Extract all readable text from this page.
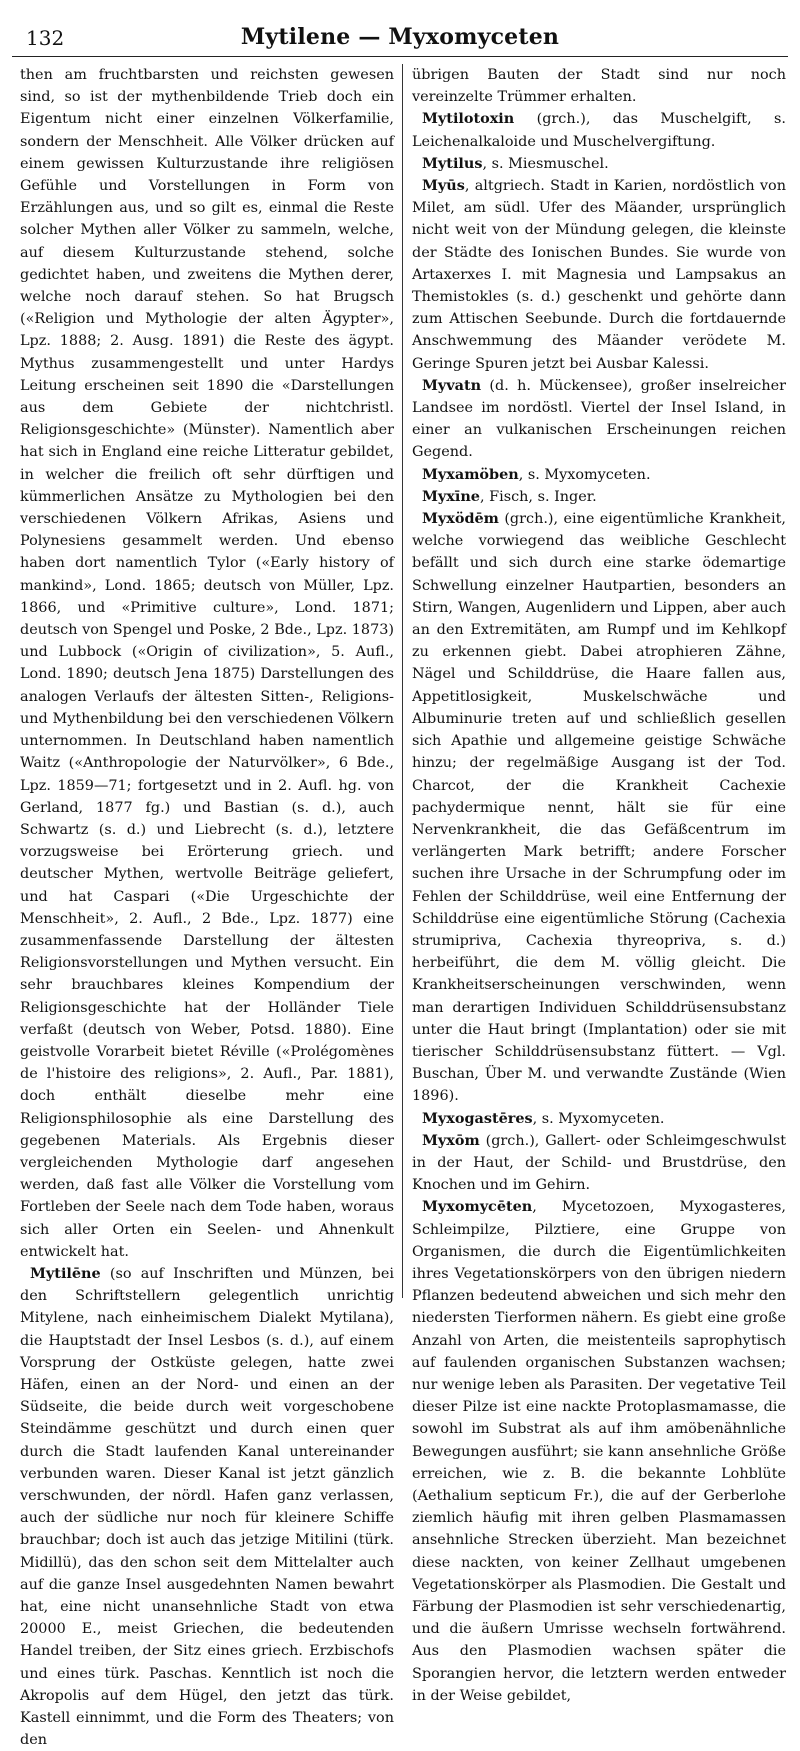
132	Mytilene — Myxomyceten

then am fruchtbarsten und reichsten gewesen sind, so ist der mythenbildende Trieb doch ein Eigentum nicht einer einzelnen Völkerfamilie, sondern der Menschheit. Alle Völker drücken auf einem gewissen Kulturzustande ihre religiösen Gefühle und Vorstellungen in Form von Erzählungen aus, und so gilt es, einmal die Reste solcher Mythen aller Völker zu sammeln, welche, auf diesem Kulturzustande stehend, solche gedichtet haben, und zweitens die Mythen derer, welche noch darauf stehen. So hat Brugsch («Religion und Mythologie der alten Ägypter», Lpz. 1888; 2. Ausg. 1891) die Reste des ägypt. Mythus zusammengestellt und unter Hardys Leitung erscheinen seit 1890 die «Darstellungen aus dem Gebiete der nichtchristl. Religionsgeschichte» (Münster). Namentlich aber hat sich in England eine reiche Litteratur gebildet, in welcher die freilich oft sehr dürftigen und kümmerlichen Ansätze zu Mythologien bei den verschiedenen Völkern Afrikas, Asiens und Polynesiens gesammelt werden. Und ebenso haben dort namentlich Tylor («Early history of mankind», Lond. 1865; deutsch von Müller, Lpz. 1866, und «Primitive culture», Lond. 1871; deutsch von Spengel und Poske, 2 Bde., Lpz. 1873) und Lubbock («Origin of civilization», 5. Aufl., Lond. 1890; deutsch Jena 1875) Darstellungen des analogen Verlaufs der ältesten Sitten-, Religions- und Mythenbildung bei den verschiedenen Völkern unternommen. In Deutschland haben namentlich Waitz («Anthropologie der Naturvölker», 6 Bde., Lpz. 1859—71; fortgesetzt und in 2. Aufl. hg. von Gerland, 1877 fg.) und Bastian (s. d.), auch Schwartz (s. d.) und Liebrecht (s. d.), letztere vorzugsweise bei Erörterung griech. und deutscher Mythen, wertvolle Beiträge geliefert, und hat Caspari («Die Urgeschichte der Menschheit», 2. Aufl., 2 Bde., Lpz. 1877) eine zusammenfassende Darstellung der ältesten Religionsvorstellungen und Mythen versucht. Ein sehr brauchbares kleines Kompendium der Religionsgeschichte hat der Holländer Tiele verfaßt (deutsch von Weber, Potsd. 1880). Eine geistvolle Vorarbeit bietet Réville («Prolégomènes de l'histoire des religions», 2. Aufl., Par. 1881), doch enthält dieselbe mehr eine Religionsphilosophie als eine Darstellung des gegebenen Materials. Als Ergebnis dieser vergleichenden Mythologie darf angesehen werden, daß fast alle Völker die Vorstellung vom Fortleben der Seele nach dem Tode haben, woraus sich aller Orten ein Seelen- und Ahnenkult entwickelt hat.

Mytilēne (so auf Inschriften und Münzen, bei den Schriftstellern gelegentlich unrichtig Mitylene, nach einheimischem Dialekt Mytilana), die Hauptstadt der Insel Lesbos (s. d.), auf einem Vorsprung der Ostküste gelegen, hatte zwei Häfen, einen an der Nord- und einen an der Südseite, die beide durch weit vorgeschobene Steindämme geschützt und durch einen quer durch die Stadt laufenden Kanal untereinander verbunden waren. Dieser Kanal ist jetzt gänzlich verschwunden, der nördl. Hafen ganz verlassen, auch der südliche nur noch für kleinere Schiffe brauchbar; doch ist auch das jetzige Mitilini (türk. Midillü), das den schon seit dem Mittelalter auch auf die ganze Insel ausgedehnten Namen bewahrt hat, eine nicht unansehnliche Stadt von etwa 20000 E., meist Griechen, die bedeutenden Handel treiben, der Sitz eines griech. Erzbischofs und eines türk. Paschas. Kenntlich ist noch die Akropolis auf dem Hügel, den jetzt das türk. Kastell einnimmt, und die Form des Theaters; von den

übrigen Bauten der Stadt sind nur noch vereinzelte Trümmer erhalten.

Mytilotoxin (grch.), das Muschelgift, s. Leichenalkaloide und Muschelvergiftung.

Mytilus, s. Miesmuschel.

Myūs, altgriech. Stadt in Karien, nordöstlich von Milet, am südl. Ufer des Mäander, ursprünglich nicht weit von der Mündung gelegen, die kleinste der Städte des Ionischen Bundes. Sie wurde von Artaxerxes I. mit Magnesia und Lampsakus an Themistokles (s. d.) geschenkt und gehörte dann zum Attischen Seebunde. Durch die fortdauernde Anschwemmung des Mäander verödete M. Geringe Spuren jetzt bei Ausbar Kalessi.

Myvatn (d. h. Mückensee), großer inselreicher Landsee im nordöstl. Viertel der Insel Island, in einer an vulkanischen Erscheinungen reichen Gegend.

Myxamöben, s. Myxomyceten.

Myxīne, Fisch, s. Inger.

Myxödēm (grch.), eine eigentümliche Krankheit, welche vorwiegend das weibliche Geschlecht befällt und sich durch eine starke ödemartige Schwellung einzelner Hautpartien, besonders an Stirn, Wangen, Augenlidern und Lippen, aber auch an den Extremitäten, am Rumpf und im Kehlkopf zu erkennen giebt. Dabei atrophieren Zähne, Nägel und Schilddrüse, die Haare fallen aus, Appetitlosigkeit, Muskelschwäche und Albuminurie treten auf und schließlich gesellen sich Apathie und allgemeine geistige Schwäche hinzu; der regelmäßige Ausgang ist der Tod. Charcot, der die Krankheit Cachexie pachydermique nennt, hält sie für eine Nervenkrankheit, die das Gefäßcentrum im verlängerten Mark betrifft; andere Forscher suchen ihre Ursache in der Schrumpfung oder im Fehlen der Schilddrüse, weil eine Entfernung der Schilddrüse eine eigentümliche Störung (Cachexia strumipriva, Cachexia thyreopriva, s. d.) herbeiführt, die dem M. völlig gleicht. Die Krankheitserscheinungen verschwinden, wenn man derartigen Individuen Schilddrüsensubstanz unter die Haut bringt (Implantation) oder sie mit tierischer Schilddrüsensubstanz füttert. — Vgl. Buschan, Über M. und verwandte Zustände (Wien 1896).

Myxogastēres, s. Myxomyceten.

Myxōm (grch.), Gallert- oder Schleimgeschwulst in der Haut, der Schild- und Brustdrüse, den Knochen und im Gehirn.

Myxomycēten, Mycetozoen, Myxogasteres, Schleimpilze, Pilztiere, eine Gruppe von Organismen, die durch die Eigentümlichkeiten ihres Vegetationskörpers von den übrigen niedern Pflanzen bedeutend abweichen und sich mehr den niedersten Tierformen nähern. Es giebt eine große Anzahl von Arten, die meistenteils saprophytisch auf faulenden organischen Substanzen wachsen; nur wenige leben als Parasiten. Der vegetative Teil dieser Pilze ist eine nackte Protoplasmamasse, die sowohl im Substrat als auf ihm amöbenähnliche Bewegungen ausführt; sie kann ansehnliche Größe erreichen, wie z. B. die bekannte Lohblüte (Aethalium septicum Fr.), die auf der Gerberlohe ziemlich häufig mit ihren gelben Plasmamassen ansehnliche Strecken überzieht. Man bezeichnet diese nackten, von keiner Zellhaut umgebenen Vegetationskörper als Plasmodien. Die Gestalt und Färbung der Plasmodien ist sehr verschiedenartig, und die äußern Umrisse wechseln fortwährend. Aus den Plasmodien wachsen später die Sporangien hervor, die letztern werden entweder in der Weise gebildet,
